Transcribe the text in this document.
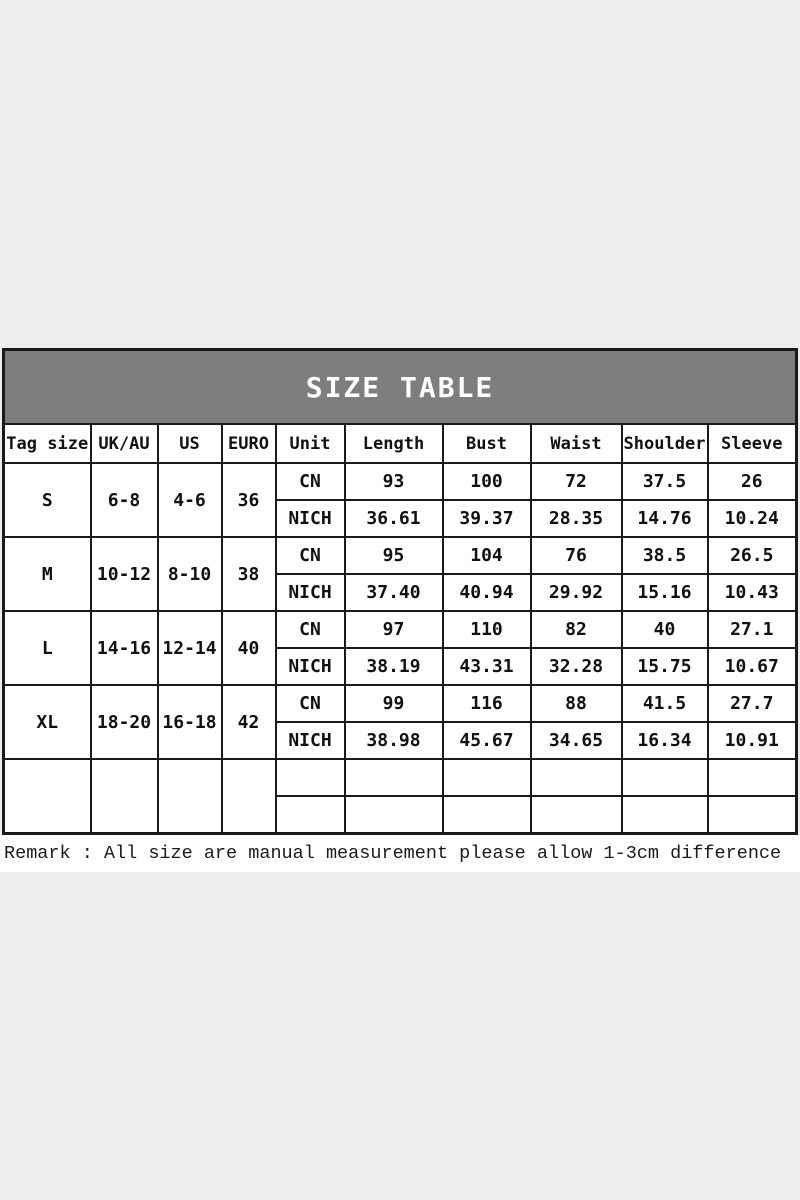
SIZE TABLE									
Tag size	UK/AU	US	EURO	Unit	Length	Bust	Waist	Shoulder	Sleeve
S	6-8	4-6	36	CN	93	100	72	37.5	26
				NICH	36.61	39.37	28.35	14.76	10.24
M	10-12	8-10	38	CN	95	104	76	38.5	26.5
				NICH	37.40	40.94	29.92	15.16	10.43
L	14-16	12-14	40	CN	97	110	82	40	27.1
				NICH	38.19	43.31	32.28	15.75	10.67
XL	18-20	16-18	42	CN	99	116	88	41.5	27.7
				NICH	38.98	45.67	34.65	16.34	10.91

Remark : All size are manual measurement please allow 1-3cm difference
